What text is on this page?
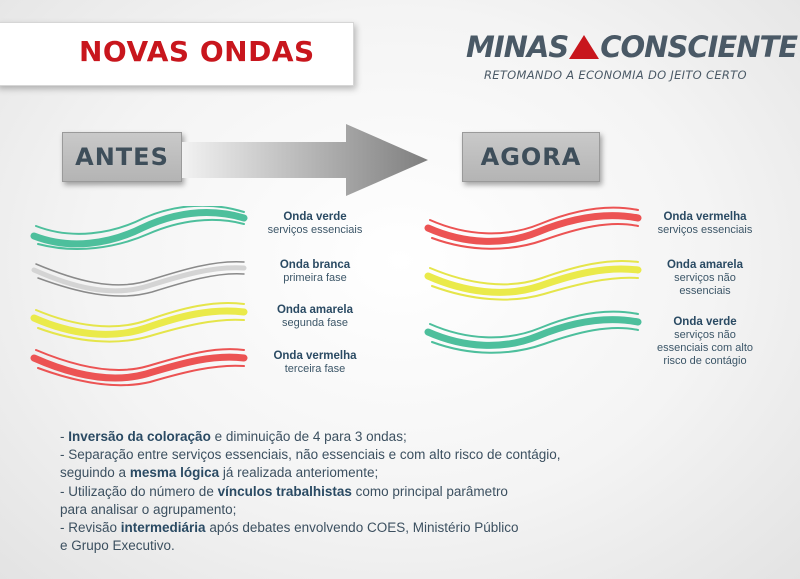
NOVAS ONDAS	MINAS CONSCIENTE
RETOMANDO A ECONOMIA DO JEITO CERTO
ANTES	AGORA
Onda verde
serviços essenciais
Onda branca
primeira fase
Onda amarela
segunda fase
Onda vermelha
terceira fase
Onda vermelha
serviços essenciais
Onda amarela
serviços não
essenciais
Onda verde
serviços não
essenciais com alto
risco de contágio
- Inversão da coloração e diminuição de 4 para 3 ondas;
- Separação entre serviços essenciais, não essenciais e com alto risco de contágio,
seguindo a mesma lógica já realizada anteriomente;
- Utilização do número de vínculos trabalhistas como principal parâmetro
para analisar o agrupamento;
- Revisão intermediária após debates envolvendo COES, Ministério Público
e Grupo Executivo.
